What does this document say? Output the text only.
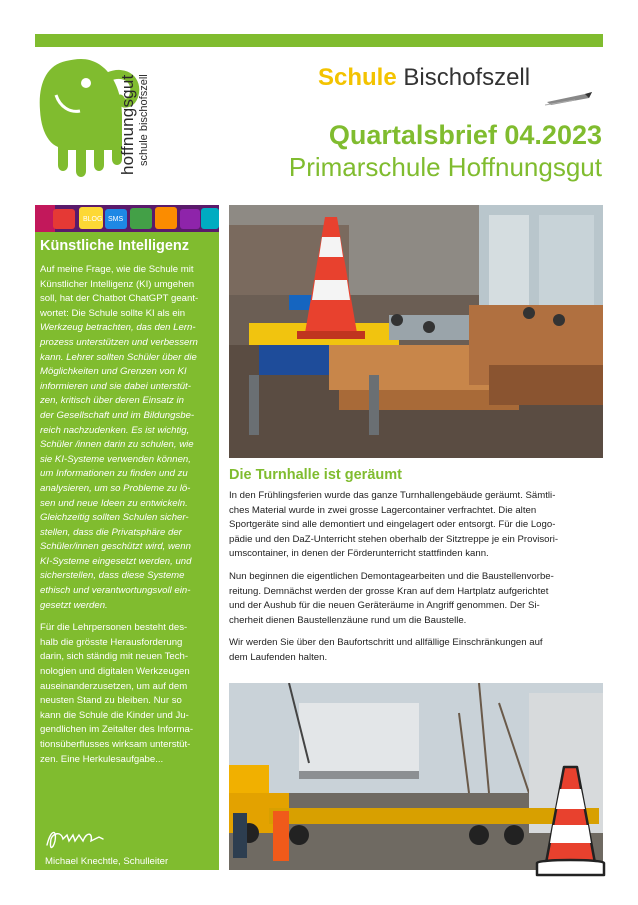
hoffnungsgut schule bischofszell	Schule Bischofszell
Quartalsbrief 04.2023
Primarschule Hoffnungsgut
BLOG SMS
Künstliche Intelligenz

Auf meine Frage, wie die Schule mit
Künstlicher Intelligenz (KI) umgehen
soll, hat der Chatbot ChatGPT geant-
wortet: Die Schule sollte KI als ein
Werkzeug betrachten, das den Lern-
prozess unterstützen und verbessern
kann. Lehrer sollten Schüler über die
Möglichkeiten und Grenzen von KI
informieren und sie dabei unterstüt-
zen, kritisch über deren Einsatz in
der Gesellschaft und im Bildungsbe-
reich nachzudenken. Es ist wichtig,
Schüler /innen darin zu schulen, wie
sie KI-Systeme verwenden können,
um Informationen zu finden und zu
analysieren, um so Probleme zu lö-
sen und neue Ideen zu entwickeln.
Gleichzeitig sollten Schulen sicher-
stellen, dass die Privatsphäre der
Schüler/innen geschützt wird, wenn
KI-Systeme eingesetzt werden, und
sicherstellen, dass diese Systeme
ethisch und verantwortungsvoll ein-
gesetzt werden.

Für die Lehrpersonen besteht des-
halb die grösste Herausforderung
darin, sich ständig mit neuen Tech-
nologien und digitalen Werkzeugen
auseinanderzusetzen, um auf dem
neusten Stand zu bleiben. Nur so
kann die Schule die Kinder und Ju-
gendlichen im Zeitalter des Informa-
tionsüberflusses wirksam unterstüt-
zen. Eine Herkulesaufgabe...

Michael Knechtle, Schulleiter
Die Turnhalle ist geräumt

In den Frühlingsferien wurde das ganze Turnhallengebäude geräumt. Sämtli-
ches Material wurde in zwei grosse Lagercontainer verfrachtet. Die alten
Sportgeräte sind alle demontiert und eingelagert oder entsorgt. Für die Logo-
pädie und den DaZ-Unterricht stehen oberhalb der Sitztreppe je ein Provisori-
umscontainer, in denen der Förderunterricht stattfinden kann.

Nun beginnen die eigentlichen Demontagearbeiten und die Baustellenvorbe-
reitung. Demnächst werden der grosse Kran auf dem Hartplatz aufgerichtet
und der Aushub für die neuen Geräteräume in Angriff genommen. Der Si-
cherheit dienen Baustellenzäune rund um die Baustelle.

Wir werden Sie über den Baufortschritt und allfällige Einschränkungen auf
dem Laufenden halten.
